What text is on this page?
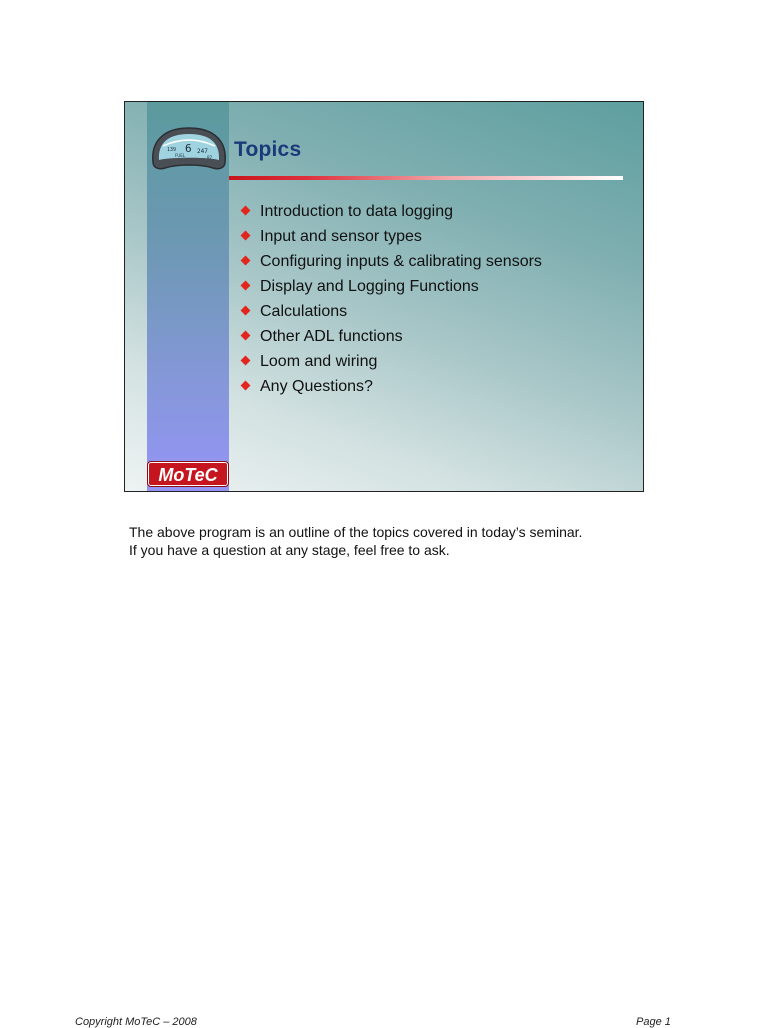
6
139	247
FUEL	87 Topics
Introduction to data logging
Input and sensor types
Configuring inputs & calibrating sensors
Display and Logging Functions
Calculations
Other ADL functions
Loom and wiring
Any Questions?
MoTeC

The above program is an outline of the topics covered in today’s seminar.

If you have a question at any stage, feel free to ask.

Copyright MoTeC – 2008	Page 1
